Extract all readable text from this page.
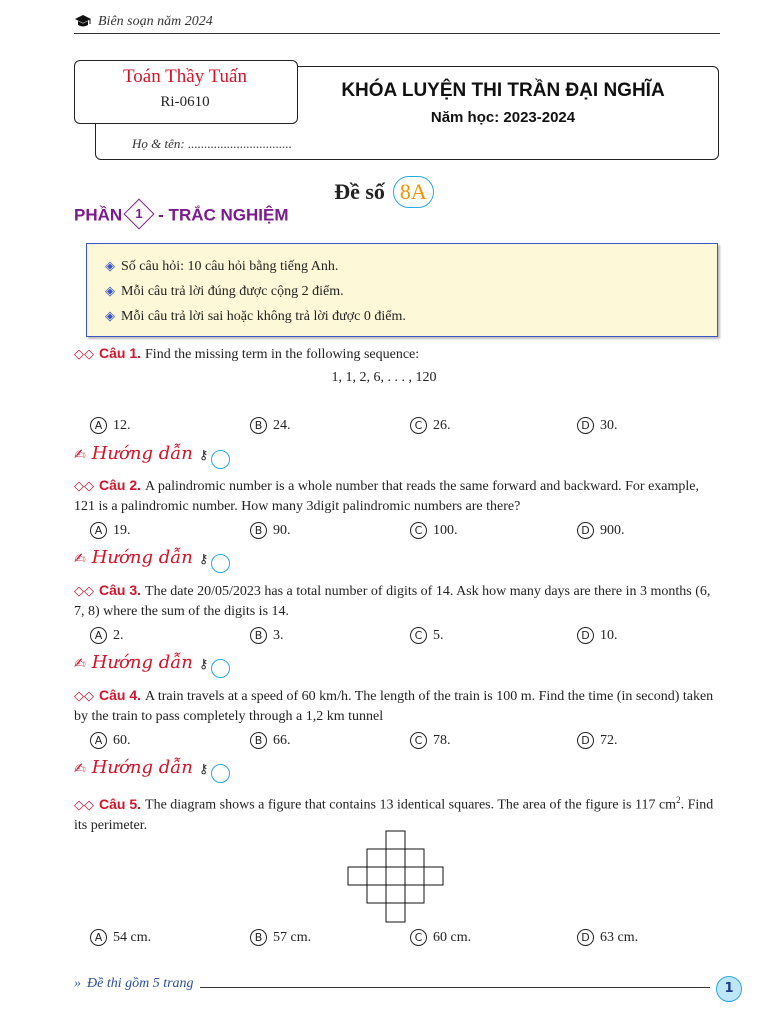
Biên soạn năm 2024
Toán Thầy Tuấn
Ri-0610
KHÓA LUYỆN THI TRẦN ĐẠI NGHĨA
Năm học: 2023-2024
Họ & tên: ................................
Đề số 8A
PHẦN	1 - TRẮC NGHIỆM
◈ Số câu hỏi: 10 câu hỏi bằng tiếng Anh.
◈ Mỗi câu trả lời đúng được cộng 2 điểm.
◈ Mỗi câu trả lời sai hoặc không trả lời được 0 điểm.
◇◇ Câu 1. Find the missing term in the following sequence:
1, 1, 2, 6, . . . , 120
A 12.	B 24.	C 26.	D 30.
✍ Hướng dẫn ⚷
◇◇ Câu 2. A palindromic number is a whole number that reads the same forward and backward. For example, 121 is a palindromic number. How many 3digit palindromic numbers are there?
A 19.	B 90.	C 100.	D 900.
✍ Hướng dẫn ⚷
◇◇ Câu 3. The date 20/05/2023 has a total number of digits of 14. Ask how many days are there in 3 months (6, 7, 8) where the sum of the digits is 14.
A 2.	B 3.	C 5.	D 10.
✍ Hướng dẫn ⚷
◇◇ Câu 4. A train travels at a speed of 60 km/h. The length of the train is 100 m. Find the time (in second) taken by the train to pass completely through a 1,2 km tunnel
A 60.	B 66.	C 78.	D 72.
✍ Hướng dẫn ⚷
◇◇ Câu 5. The diagram shows a figure that contains 13 identical squares. The area of the figure is 117 $cm^2$. Find its perimeter.
A 54 cm.	B 57 cm.	C 60 cm.	D 63 cm.
» Đề thi gồm 5 trang	1
